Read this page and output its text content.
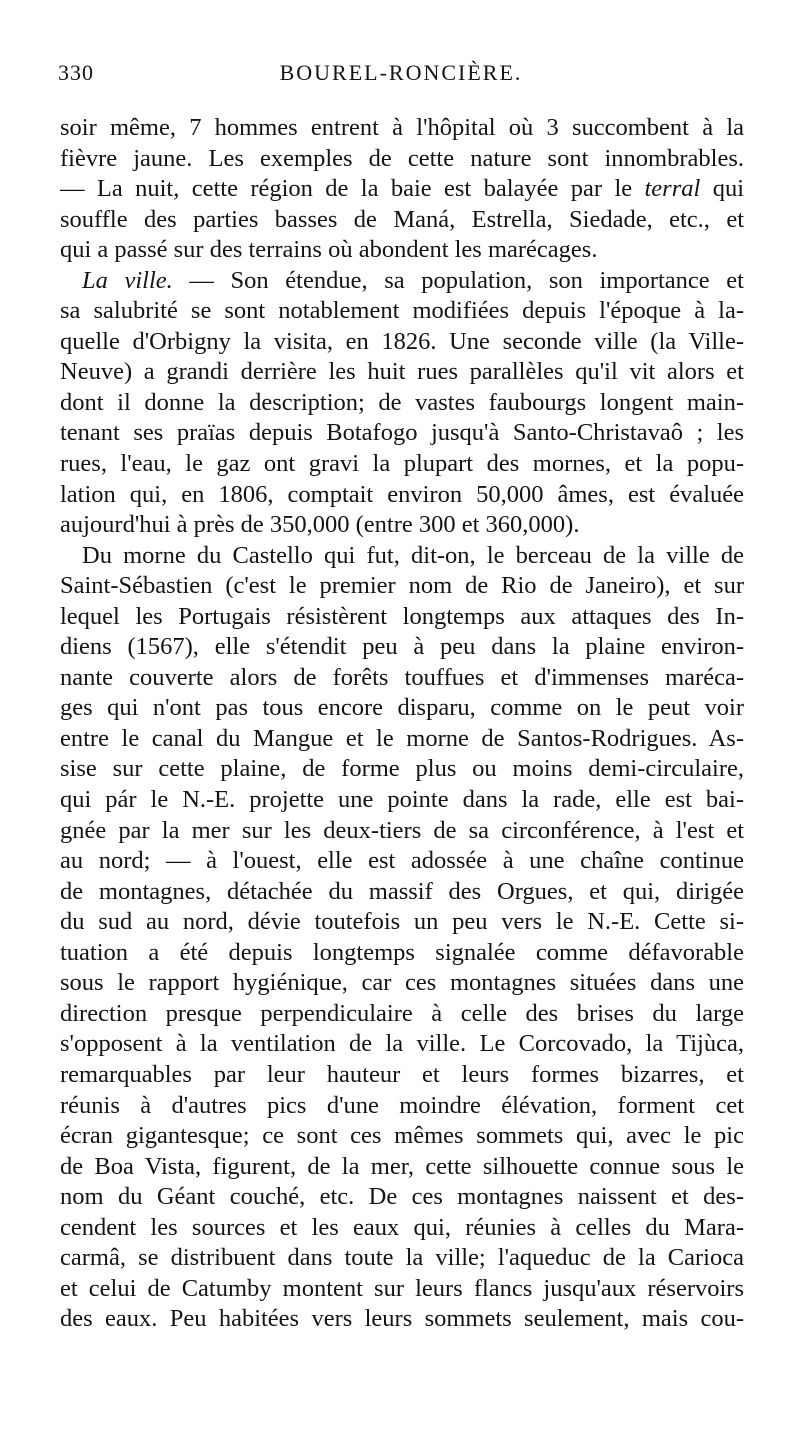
330	BOUREL-RONCIÈRE.
soir même, 7 hommes entrent à l'hôpital où 3 succombent à la
fièvre jaune. Les exemples de cette nature sont innombrables.
— La nuit, cette région de la baie est balayée par le terral qui
souffle des parties basses de Maná, Estrella, Siedade, etc., et
qui a passé sur des terrains où abondent les marécages.
La ville. — Son étendue, sa population, son importance et
sa salubrité se sont notablement modifiées depuis l'époque à la-
quelle d'Orbigny la visita, en 1826. Une seconde ville (la Ville-
Neuve) a grandi derrière les huit rues parallèles qu'il vit alors et
dont il donne la description; de vastes faubourgs longent main-
tenant ses praïas depuis Botafogo jusqu'à Santo-Christavaô ; les
rues, l'eau, le gaz ont gravi la plupart des mornes, et la popu-
lation qui, en 1806, comptait environ 50,000 âmes, est évaluée
aujourd'hui à près de 350,000 (entre 300 et 360,000).
Du morne du Castello qui fut, dit-on, le berceau de la ville de
Saint-Sébastien (c'est le premier nom de Rio de Janeiro), et sur
lequel les Portugais résistèrent longtemps aux attaques des In-
diens (1567), elle s'étendit peu à peu dans la plaine environ-
nante couverte alors de forêts touffues et d'immenses maréca-
ges qui n'ont pas tous encore disparu, comme on le peut voir
entre le canal du Mangue et le morne de Santos-Rodrigues. As-
sise sur cette plaine, de forme plus ou moins demi-circulaire,
qui pár le N.-E. projette une pointe dans la rade, elle est bai-
gnée par la mer sur les deux-tiers de sa circonférence, à l'est et
au nord; — à l'ouest, elle est adossée à une chaîne continue
de montagnes, détachée du massif des Orgues, et qui, dirigée
du sud au nord, dévie toutefois un peu vers le N.-E. Cette si-
tuation a été depuis longtemps signalée comme défavorable
sous le rapport hygiénique, car ces montagnes situées dans une
direction presque perpendiculaire à celle des brises du large
s'opposent à la ventilation de la ville. Le Corcovado, la Tijùca,
remarquables par leur hauteur et leurs formes bizarres, et
réunis à d'autres pics d'une moindre élévation, forment cet
écran gigantesque; ce sont ces mêmes sommets qui, avec le pic
de Boa Vista, figurent, de la mer, cette silhouette connue sous le
nom du Géant couché, etc. De ces montagnes naissent et des-
cendent les sources et les eaux qui, réunies à celles du Mara-
carmâ, se distribuent dans toute la ville; l'aqueduc de la Carioca
et celui de Catumby montent sur leurs flancs jusqu'aux réservoirs
des eaux. Peu habitées vers leurs sommets seulement, mais cou-
